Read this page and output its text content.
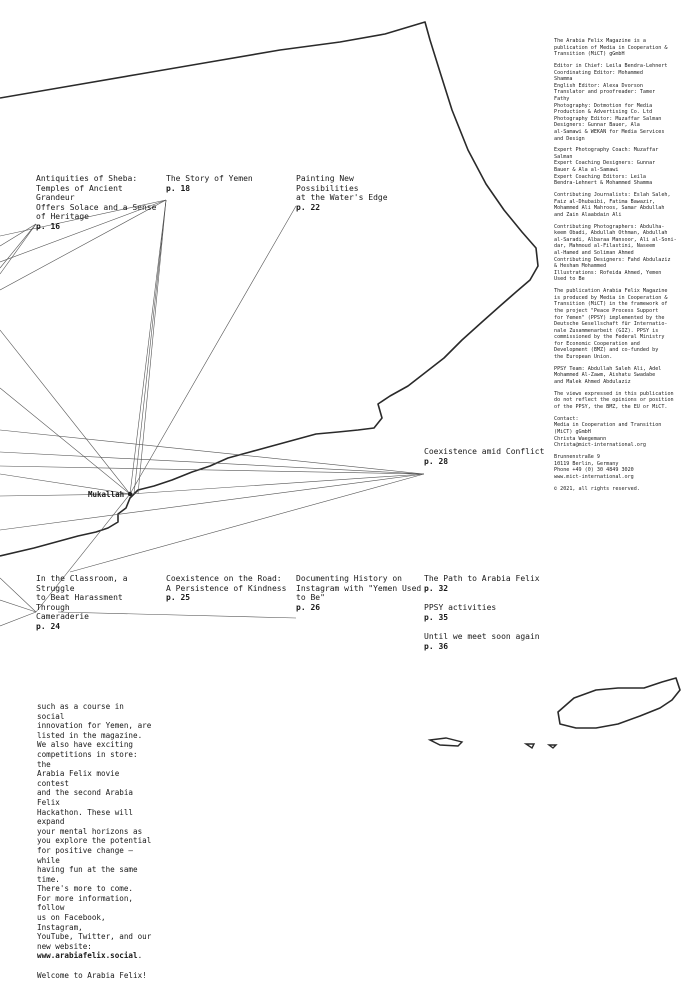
Mukallah
Antiquities of Sheba:
Temples of Ancient Grandeur
Offers Solace and a Sense
of Heritage
p. 16
The Story of Yemen
p. 18
Painting New Possibilities
at the Water's Edge
p. 22
Coexistence amid Conflict
p. 28
In the Classroom, a Struggle
to Beat Harassment Through
Cameraderie
p. 24
Coexistence on the Road:
A Persistence of Kindness
p. 25
Documenting History on
Instagram with "Yemen Used
to Be"
p. 26
The Path to Arabia Felix
p. 32
PPSY activities
p. 35
Until we meet soon again
p. 36

The Arabia Felix Magazine is a
publication of Media in Cooperation &
Transition (MiCT) gGmbH

Editor in Chief: Leila Bendra-Lehnert
Coordinating Editor: Mohammed
Shamma
English Editor: Alexa Dvorson
Translator and proofreader: Tamer
Fathy
Photography: Dotmotion for Media
Production & Advertising Co. Ltd
Photography Editor: Muzaffar Salman
Designers: Gunnar Bauer, Ala
al-Samawi & WEKAN for Media Services
and Design

Expert Photography Coach: Muzaffar
Salman
Expert Coaching Designers: Gunnar
Bauer & Ala al-Samawi
Expert Coaching Editors: Leila
Bendra-Lehnert & Mohammed Shamma

Contributing Journalists: Eslah Saleh,
Faiz al-Dhubaibi, Fatima Bawazir,
Mohammed Ali Mahroos, Samar Abdullah
and Zain Alaabdain Ali

Contributing Photographers: Abdulha-
keem Obadi, Abdullah Othman, Abdullah
al-Saradi, Albaraa Mansoor, Ali al-Soni-
dar, Mahmoud al-Filastini, Naseem
al-Hamed and Soliman Ahmed
Contributing Designers: Fahd Abdulaziz
& Hesham Mohammed
Illustrations: Rofeida Ahmed, Yemen
Used to Be

The publication Arabia Felix Magazine
is produced by Media in Cooperation &
Transition (MiCT) in the framework of
the project "Peace Process Support
for Yemen" (PPSY) implemented by the
Deutsche Gesellschaft für Internatio-
nale Zusammenarbeit (GIZ). PPSY is
commissioned by the Federal Ministry
for Economic Cooperation and
Development (BMZ) and co-funded by
the European Union.

PPSY Team: Abdullah Saleh Ali, Adel
Mohammed Al-Zawm, Aishatu Swadabe
and Malek Ahmed Abdulaziz

The views expressed in this publication
do not reflect the opinions or position
of the PPSY, the BMZ, the EU or MiCT.

Contact:
Media in Cooperation and Transition
(MiCT) gGmbH
Christa Waegemann
Christa@mict-international.org

Brunnenstraße 9
10119 Berlin, Germany
Phone +49 (0) 30 4849 3020
www.mict-international.org

© 2021, all rights reserved.

such as a course in social
innovation for Yemen, are
listed in the magazine.

We also have exciting
competitions in store: the
Arabia Felix movie contest
and the second Arabia Felix
Hackathon. These will expand
your mental horizons as
you explore the potential
for positive change – while
having fun at the same time.

There's more to come.
For more information, follow
us on Facebook, Instagram,
YouTube, Twitter, and our
new website:
www.arabiafelix.social.

Welcome to Arabia Felix!
